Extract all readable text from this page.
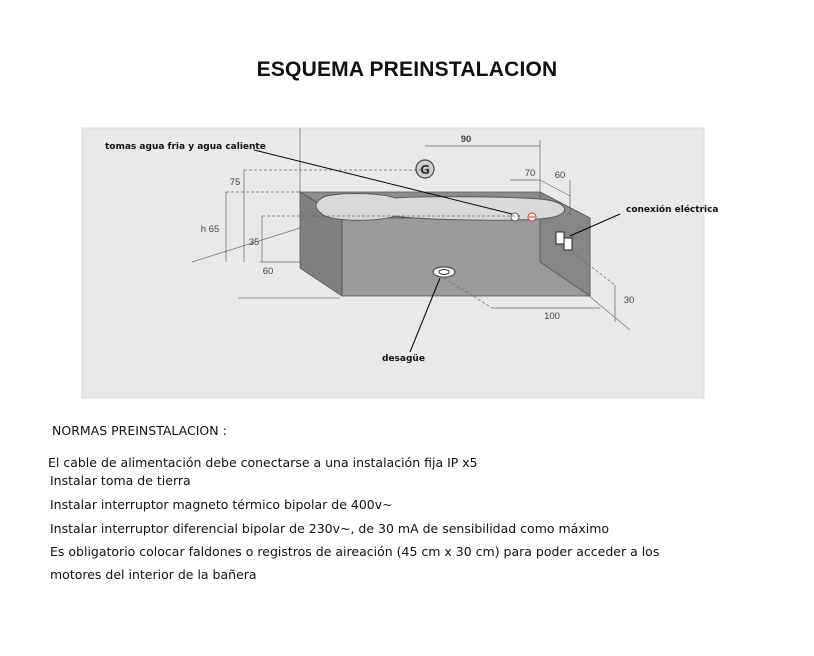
ESQUEMA PREINSTALACION
G
90
70 60
75
h 65
35
60
100
30
tomas agua fria y agua caliente
conexión eléctrica
desagüe
NORMAS PREINSTALACION :
El cable de alimentación debe conectarse a una instalación fija IP x5
Instalar toma de tierra
Instalar interruptor magneto térmico bipolar de 400v~
Instalar interruptor diferencial bipolar de 230v~, de 30 mA de sensibilidad como máximo
Es obligatorio colocar faldones o registros de aireación (45 cm x 30 cm) para poder acceder a los
motores del interior de la bañera
